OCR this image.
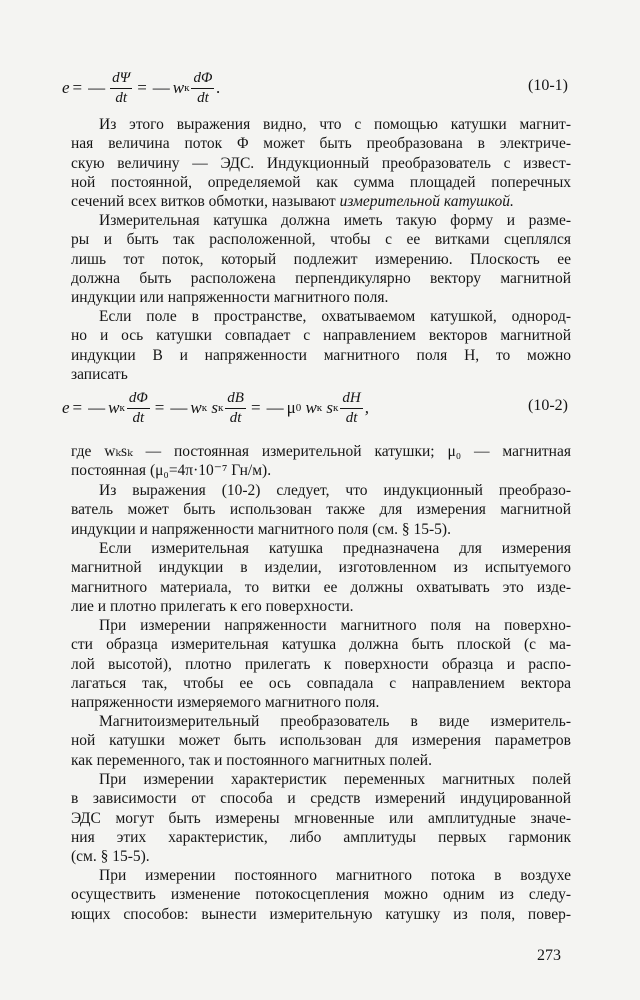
e = — $\frac{d\Psi}{dt}$ = — w к $\frac{d\Phi}{dt}$ .	(10-1)
Из этого выражения видно, что с помощью катушки магнит-
ная величина поток Φ может быть преобразована в электриче-
скую величину — ЭДС. Индукционный преобразователь с извест-
ной постоянной, определяемой как сумма площадей поперечных
сечений всех витков обмотки, называют измерительной катушкой.
Измерительная катушка должна иметь такую форму и разме-
ры и быть так расположенной, чтобы с ее витками сцеплялся
лишь тот поток, который подлежит измерению. Плоскость ее
должна быть расположена перпендикулярно вектору магнитной
индукции или напряженности магнитного поля.
Если поле в пространстве, охватываемом катушкой, однород-
но и ось катушки совпадает с направлением векторов магнитной
индукции B и напряженности магнитного поля H, то можно
записать
e = — w к $\frac{d\Phi}{dt}$ = — w к
s к $\frac{dB}{dt}$ = — μ 0
w к
s к $\frac{dH}{dt}$ ,	(10-2)
где wₖsₖ — постоянная измерительной катушки; μ₀ — магнитная
постоянная (μ₀=4π·10⁻⁷ Гн/м).
Из выражения (10-2) следует, что индукционный преобразо-
ватель может быть использован также для измерения магнитной
индукции и напряженности магнитного поля (см. § 15-5).
Если измерительная катушка предназначена для измерения
магнитной индукции в изделии, изготовленном из испытуемого
магнитного материала, то витки ее должны охватывать это изде-
лие и плотно прилегать к его поверхности.
При измерении напряженности магнитного поля на поверхно-
сти образца измерительная катушка должна быть плоской (с ма-
лой высотой), плотно прилегать к поверхности образца и распо-
лагаться так, чтобы ее ось совпадала с направлением вектора
напряженности измеряемого магнитного поля.
Магнитоизмерительный преобразователь в виде измеритель-
ной катушки может быть использован для измерения параметров
как переменного, так и постоянного магнитных полей.
При измерении характеристик переменных магнитных полей
в зависимости от способа и средств измерений индуцированной
ЭДС могут быть измерены мгновенные или амплитудные значе-
ния этих характеристик, либо амплитуды первых гармоник
(см. § 15-5).
При измерении постоянного магнитного потока в воздухе
осуществить изменение потокосцепления можно одним из следу-
ющих способов: вынести измерительную катушку из поля, повер-
273
